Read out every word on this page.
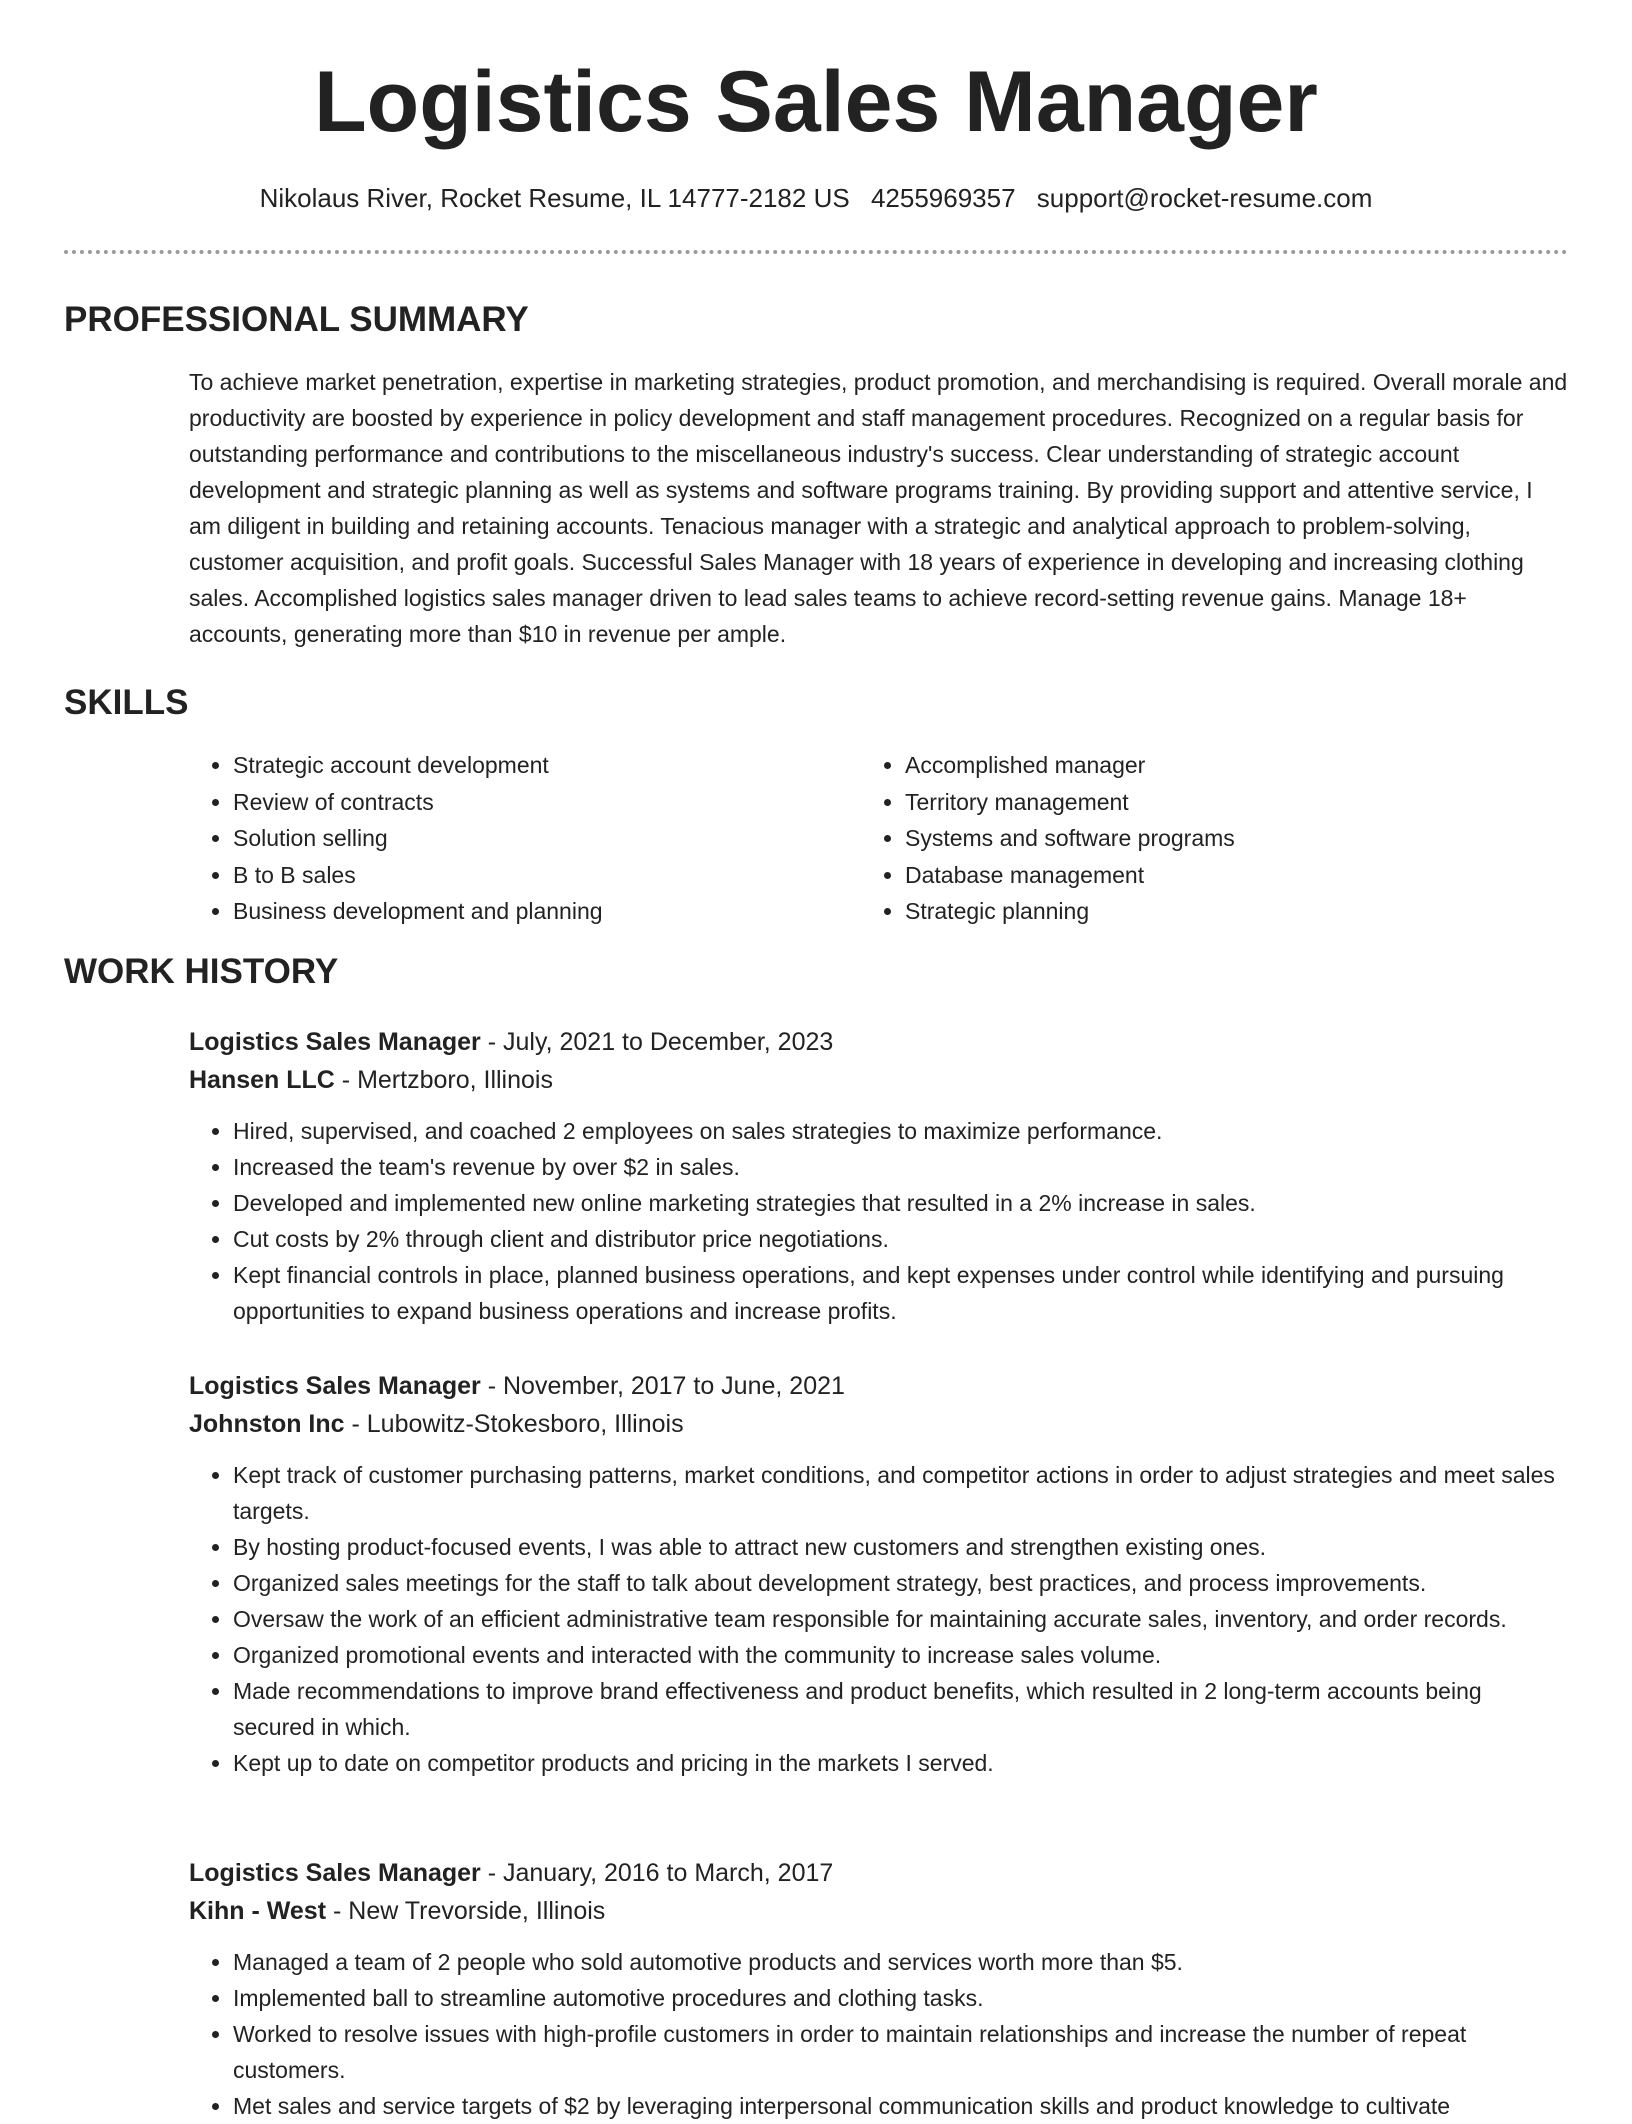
Logistics Sales Manager
Nikolaus River, Rocket Resume, IL 14777-2182 US 4255969357 support@rocket-resume.com
PROFESSIONAL SUMMARY
To achieve market penetration, expertise in marketing strategies, product promotion, and merchandising is required. Overall morale and productivity are boosted by experience in policy development and staff management procedures. Recognized on a regular basis for outstanding performance and contributions to the miscellaneous industry's success. Clear understanding of strategic account development and strategic planning as well as systems and software programs training. By providing support and attentive service, I am diligent in building and retaining accounts. Tenacious manager with a strategic and analytical approach to problem-solving, customer acquisition, and profit goals. Successful Sales Manager with 18 years of experience in developing and increasing clothing sales. Accomplished logistics sales manager driven to lead sales teams to achieve record-setting revenue gains. Manage 18+ accounts, generating more than $10 in revenue per ample.
SKILLS
• Strategic account development
• Review of contracts
• Solution selling
• B to B sales
• Business development and planning
• Accomplished manager
• Territory management
• Systems and software programs
• Database management
• Strategic planning
WORK HISTORY
Logistics Sales Manager - July, 2021 to December, 2023
Hansen LLC - Mertzboro, Illinois
• Hired, supervised, and coached 2 employees on sales strategies to maximize performance.
• Increased the team's revenue by over $2 in sales.
• Developed and implemented new online marketing strategies that resulted in a 2% increase in sales.
• Cut costs by 2% through client and distributor price negotiations.
• Kept financial controls in place, planned business operations, and kept expenses under control while identifying and pursuing opportunities to expand business operations and increase profits.
Logistics Sales Manager - November, 2017 to June, 2021
Johnston Inc - Lubowitz-Stokesboro, Illinois
• Kept track of customer purchasing patterns, market conditions, and competitor actions in order to adjust strategies and meet sales targets.
• By hosting product-focused events, I was able to attract new customers and strengthen existing ones.
• Organized sales meetings for the staff to talk about development strategy, best practices, and process improvements.
• Oversaw the work of an efficient administrative team responsible for maintaining accurate sales, inventory, and order records.
• Organized promotional events and interacted with the community to increase sales volume.
• Made recommendations to improve brand effectiveness and product benefits, which resulted in 2 long-term accounts being secured in which.
• Kept up to date on competitor products and pricing in the markets I served.
Logistics Sales Manager - January, 2016 to March, 2017
Kihn - West - New Trevorside, Illinois
• Managed a team of 2 people who sold automotive products and services worth more than $5.
• Implemented ball to streamline automotive procedures and clothing tasks.
• Worked to resolve issues with high-profile customers in order to maintain relationships and increase the number of repeat customers.
• Met sales and service targets of $2 by leveraging interpersonal communication skills and product knowledge to cultivate
